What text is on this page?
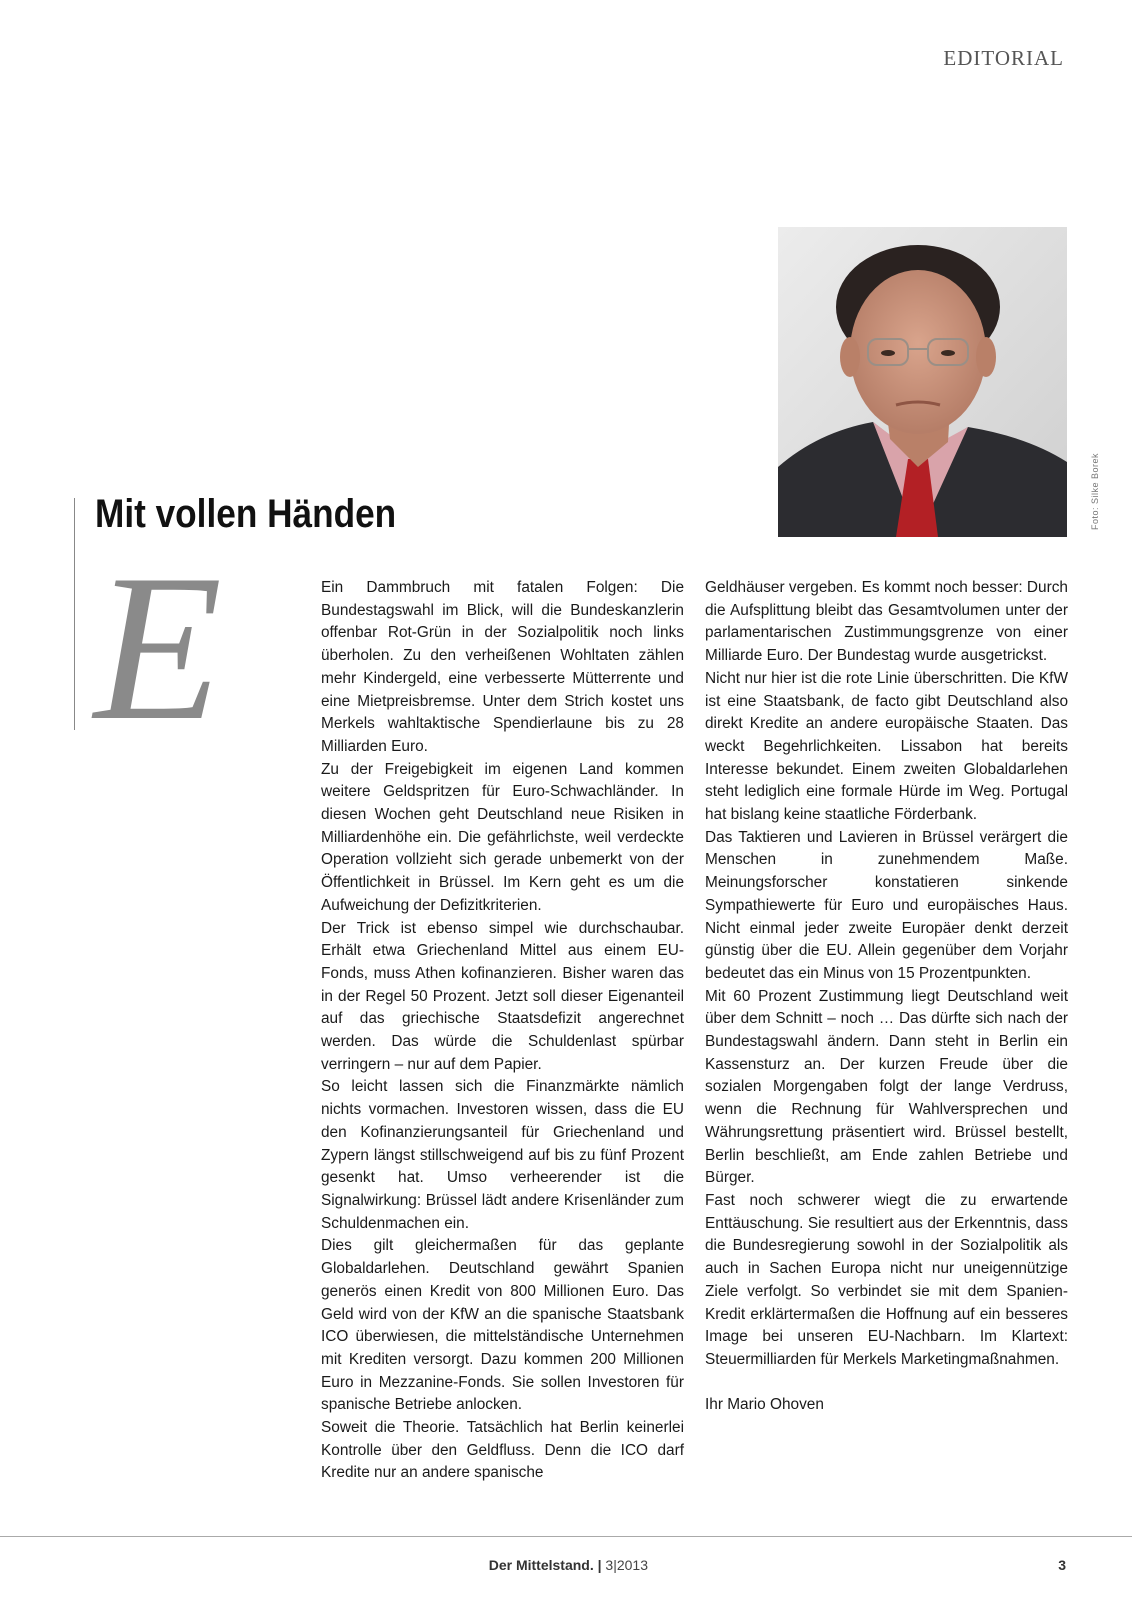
EDITORIAL
Foto: Silke Borek
Mit vollen Händen
E	Ein Dammbruch mit fatalen Folgen: Die Bundestagswahl im Blick, will die Bundeskanzlerin offenbar Rot-Grün in der Sozialpolitik noch links überholen. Zu den verheißenen Wohltaten zählen mehr Kindergeld, eine verbesserte Mütterrente und eine Mietpreisbremse. Unter dem Strich kostet uns Merkels wahltaktische Spendierlaune bis zu 28 Milliarden Euro.

Zu der Freigebigkeit im eigenen Land kommen weitere Geldspritzen für Euro-Schwachländer. In diesen Wochen geht Deutschland neue Risiken in Milliardenhöhe ein. Die gefährlichste, weil verdeckte Operation vollzieht sich gerade unbemerkt von der Öffentlichkeit in Brüssel. Im Kern geht es um die Aufweichung der Defizitkriterien.

Der Trick ist ebenso simpel wie durchschaubar. Erhält etwa Griechenland Mittel aus einem EU-Fonds, muss Athen kofinanzieren. Bisher waren das in der Regel 50 Prozent. Jetzt soll dieser Eigenanteil auf das griechische Staatsdefizit angerechnet werden. Das würde die Schuldenlast spürbar verringern – nur auf dem Papier.

So leicht lassen sich die Finanzmärkte nämlich nichts vormachen. Investoren wissen, dass die EU den Kofinanzierungsanteil für Griechenland und Zypern längst stillschweigend auf bis zu fünf Prozent gesenkt hat. Umso verheerender ist die Signalwirkung: Brüssel lädt andere Krisenländer zum Schuldenmachen ein.

Dies gilt gleichermaßen für das geplante Globaldarlehen. Deutschland gewährt Spanien generös einen Kredit von 800 Millionen Euro. Das Geld wird von der KfW an die spanische Staatsbank ICO überwiesen, die mittelständische Unternehmen mit Krediten versorgt. Dazu kommen 200 Millionen Euro in Mezzanine-Fonds. Sie sollen Investoren für spanische Betriebe anlocken.

Soweit die Theorie. Tatsächlich hat Berlin keinerlei Kontrolle über den Geldfluss. Denn die ICO darf Kredite nur an andere spanische

Geldhäuser vergeben. Es kommt noch besser: Durch die Aufsplittung bleibt das Gesamtvolumen unter der parlamentarischen Zustimmungsgrenze von einer Milliarde Euro. Der Bundestag wurde ausgetrickst.

Nicht nur hier ist die rote Linie überschritten. Die KfW ist eine Staatsbank, de facto gibt Deutschland also direkt Kredite an andere europäische Staaten. Das weckt Begehrlichkeiten. Lissabon hat bereits Interesse bekundet. Einem zweiten Globaldarlehen steht lediglich eine formale Hürde im Weg. Portugal hat bislang keine staatliche Förderbank.

Das Taktieren und Lavieren in Brüssel verärgert die Menschen in zunehmendem Maße. Meinungsforscher konstatieren sinkende Sympathiewerte für Euro und europäisches Haus. Nicht einmal jeder zweite Europäer denkt derzeit günstig über die EU. Allein gegenüber dem Vorjahr bedeutet das ein Minus von 15 Prozentpunkten.

Mit 60 Prozent Zustimmung liegt Deutschland weit über dem Schnitt – noch … Das dürfte sich nach der Bundestagswahl ändern. Dann steht in Berlin ein Kassensturz an. Der kurzen Freude über die sozialen Morgengaben folgt der lange Verdruss, wenn die Rechnung für Wahlversprechen und Währungsrettung präsentiert wird. Brüssel bestellt, Berlin beschließt, am Ende zahlen Betriebe und Bürger.

Fast noch schwerer wiegt die zu erwartende Enttäuschung. Sie resultiert aus der Erkenntnis, dass die Bundesregierung sowohl in der Sozialpolitik als auch in Sachen Europa nicht nur uneigennützige Ziele verfolgt. So verbindet sie mit dem Spanien-Kredit erklärtermaßen die Hoffnung auf ein besseres Image bei unseren EU-Nachbarn. Im Klartext: Steuermilliarden für Merkels Marketingmaßnahmen.

Ihr Mario Ohoven

Der Mittelstand. | 3|2013	3
